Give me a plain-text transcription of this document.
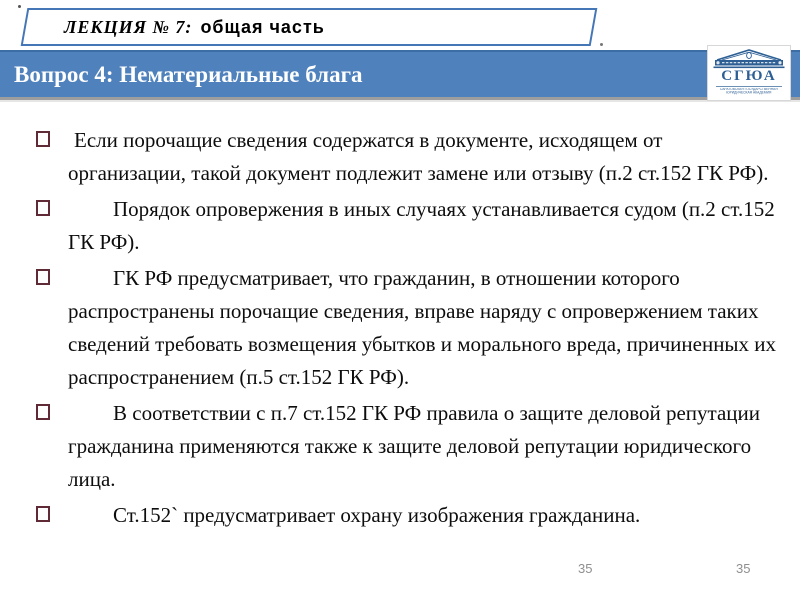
ЛЕКЦИЯ № 7: общая часть
Вопрос 4: Нематериальные блага	СГЮА
САРАТОВСКАЯ ГОСУДАРСТВЕННАЯ
ЮРИДИЧЕСКАЯ АКАДЕМИЯ
Если порочащие сведения содержатся в документе, исходящем от организации, такой документ подлежит замене или отзыву (п.2 ст.152 ГК РФ).
Порядок опровержения в иных случаях устанавливается судом (п.2 ст.152 ГК РФ).
ГК РФ предусматривает, что гражданин, в отношении которого распространены порочащие сведения, вправе наряду с опровержением таких сведений требовать возмещения убытков и морального вреда, причиненных их распространением (п.5 ст.152 ГК РФ).
В соответствии с п.7 ст.152 ГК РФ правила о защите деловой репутации гражданина применяются также к защите деловой репутации юридического лица.
Ст.152` предусматривает охрану изображения гражданина.
35	35
